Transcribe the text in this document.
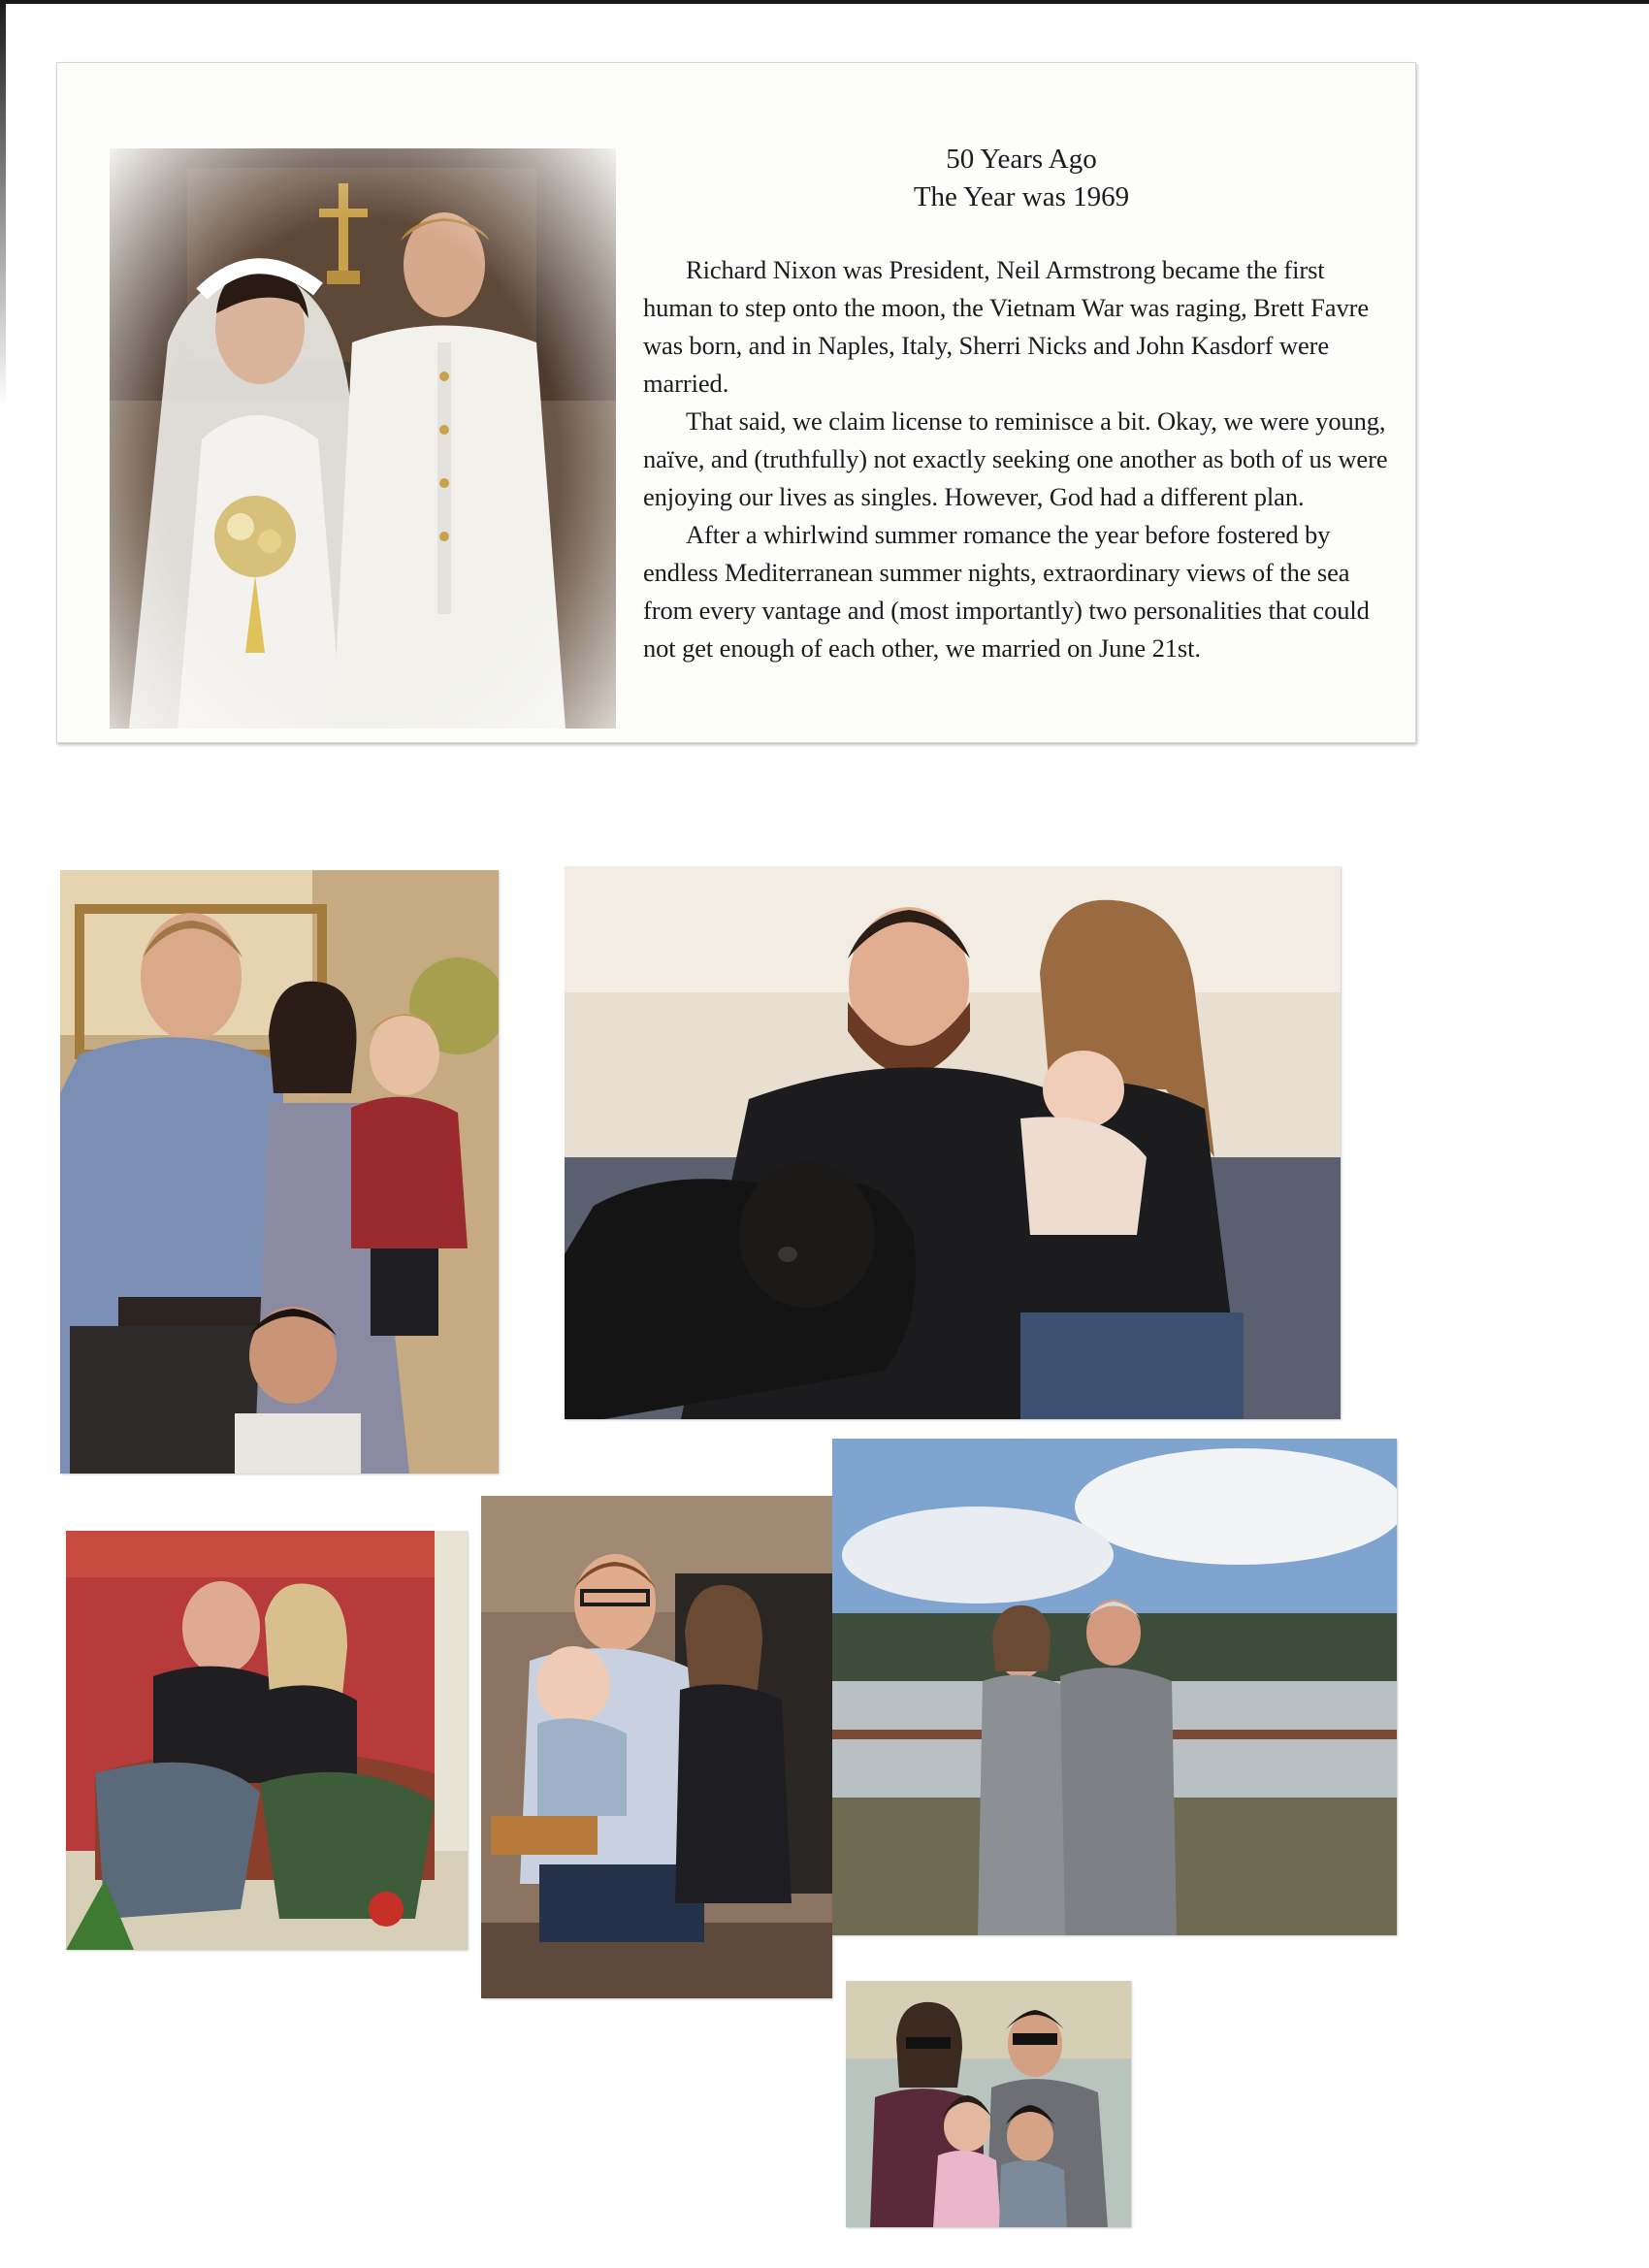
50 Years Ago
The Year was 1969

Richard Nixon was President, Neil Armstrong became the first human to step onto the moon, the Vietnam War was raging, Brett Favre was born, and in Naples, Italy, Sherri Nicks and John Kasdorf were married.

That said, we claim license to reminisce a bit. Okay, we were young, naïve, and (truthfully) not exactly seeking one another as both of us were enjoying our lives as singles. However, God had a different plan.

After a whirlwind summer romance the year before fostered by endless Mediterranean summer nights, extraordinary views of the sea from every vantage and (most importantly) two personalities that could not get enough of each other, we married on June 21st.
